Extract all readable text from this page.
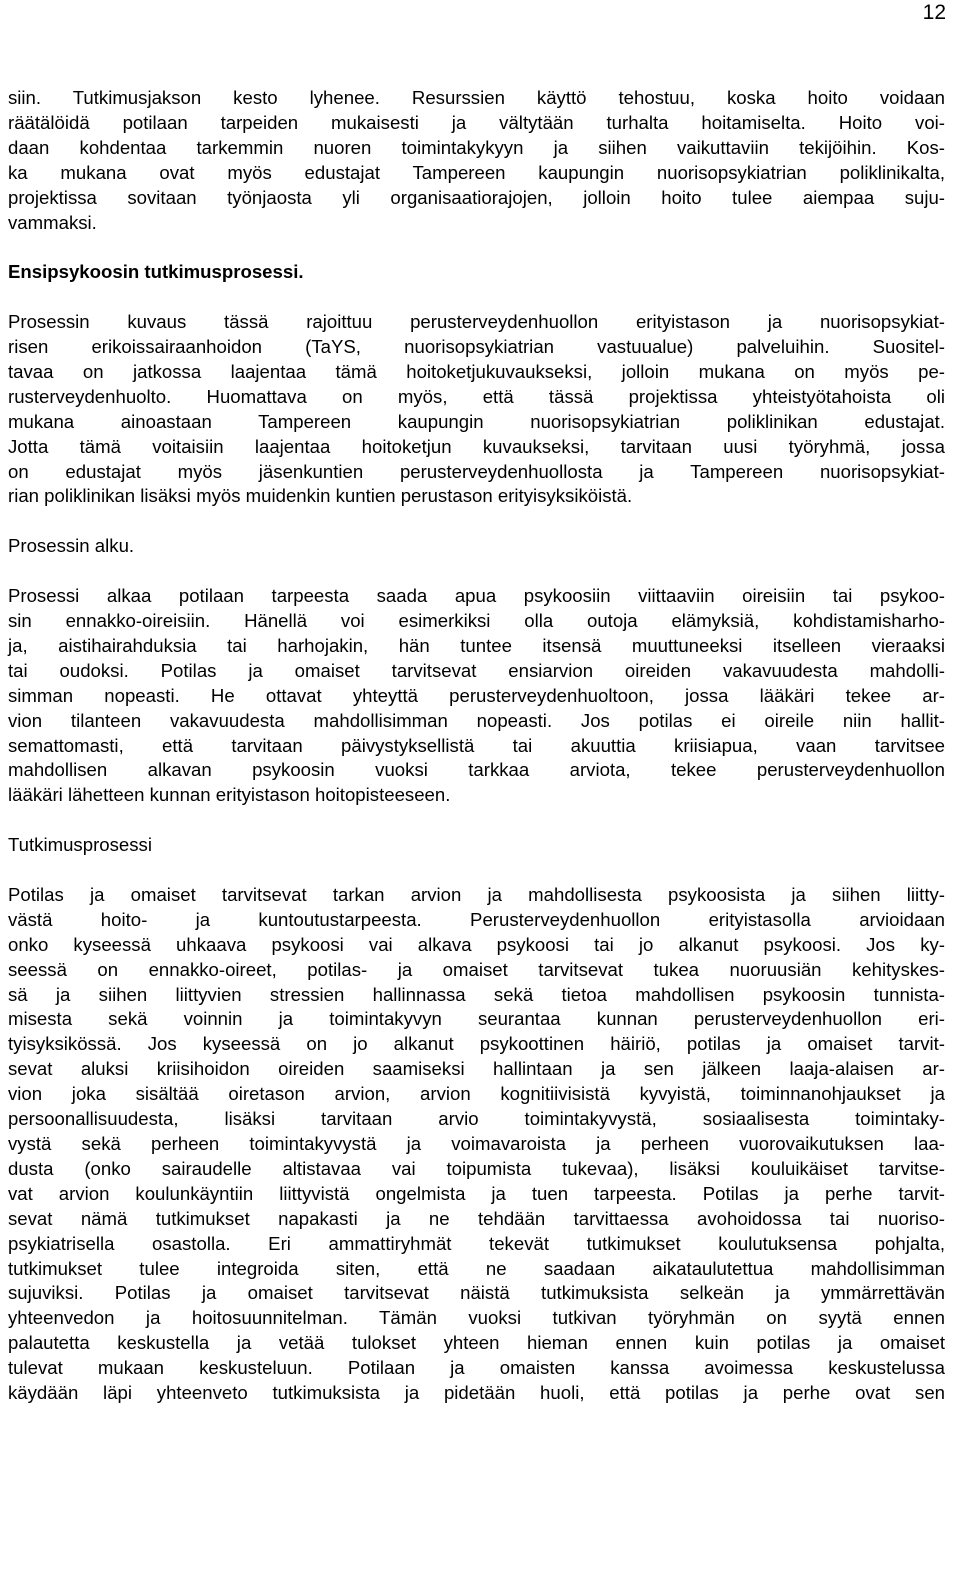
12

siin. Tutkimusjakson kesto lyhenee. Resurssien käyttö tehostuu, koska hoito voidaan
räätälöidä potilaan tarpeiden mukaisesti ja vältytään turhalta hoitamiselta. Hoito voi-
daan kohdentaa tarkemmin nuoren toimintakykyyn ja siihen vaikuttaviin tekijöihin. Kos-
ka mukana ovat myös edustajat Tampereen kaupungin nuorisopsykiatrian poliklinikalta,
projektissa sovitaan työnjaosta yli organisaatiorajojen, jolloin hoito tulee aiempaa suju-
vammaksi.

Ensipsykoosin tutkimusprosessi.

Prosessin kuvaus tässä rajoittuu perusterveydenhuollon erityistason ja nuorisopsykiat-
risen erikoissairaanhoidon (TaYS, nuorisopsykiatrian vastuualue) palveluihin. Suositel-
tavaa on jatkossa laajentaa tämä hoitoketjukuvaukseksi, jolloin mukana on myös pe-
rusterveydenhuolto. Huomattava on myös, että tässä projektissa yhteistyötahoista oli
mukana ainoastaan Tampereen kaupungin nuorisopsykiatrian poliklinikan edustajat.
Jotta tämä voitaisiin laajentaa hoitoketjun kuvaukseksi, tarvitaan uusi työryhmä, jossa
on edustajat myös jäsenkuntien perusterveydenhuollosta ja Tampereen nuorisopsykiat-
rian poliklinikan lisäksi myös muidenkin kuntien perustason erityisyksiköistä.

Prosessin alku.

Prosessi alkaa potilaan tarpeesta saada apua psykoosiin viittaaviin oireisiin tai psykoo-
sin ennakko-oireisiin. Hänellä voi esimerkiksi olla outoja elämyksiä, kohdistamisharho-
ja, aistihairahduksia tai harhojakin, hän tuntee itsensä muuttuneeksi itselleen vieraaksi
tai oudoksi. Potilas ja omaiset tarvitsevat ensiarvion oireiden vakavuudesta mahdolli-
simman nopeasti. He ottavat yhteyttä perusterveydenhuoltoon, jossa lääkäri tekee ar-
vion tilanteen vakavuudesta mahdollisimman nopeasti. Jos potilas ei oireile niin hallit-
semattomasti, että tarvitaan päivystyksellistä tai akuuttia kriisiapua, vaan tarvitsee
mahdollisen alkavan psykoosin vuoksi tarkkaa arviota, tekee perusterveydenhuollon
lääkäri lähetteen kunnan erityistason hoitopisteeseen.

Tutkimusprosessi

Potilas ja omaiset tarvitsevat tarkan arvion ja mahdollisesta psykoosista ja siihen liitty-
västä hoito- ja kuntoutustarpeesta. Perusterveydenhuollon erityistasolla arvioidaan
onko kyseessä uhkaava psykoosi vai alkava psykoosi tai jo alkanut psykoosi. Jos ky-
seessä on ennakko-oireet, potilas- ja omaiset tarvitsevat tukea nuoruusiän kehityskes-
sä ja siihen liittyvien stressien hallinnassa sekä tietoa mahdollisen psykoosin tunnista-
misesta sekä voinnin ja toimintakyvyn seurantaa kunnan perusterveydenhuollon eri-
tyisyksikössä. Jos kyseessä on jo alkanut psykoottinen häiriö, potilas ja omaiset tarvit-
sevat aluksi kriisihoidon oireiden saamiseksi hallintaan ja sen jälkeen laaja-alaisen ar-
vion joka sisältää oiretason arvion, arvion kognitiivisistä kyvyistä, toiminnanohjaukset ja
persoonallisuudesta, lisäksi tarvitaan arvio toimintakyvystä, sosiaalisesta toimintaky-
vystä sekä perheen toimintakyvystä ja voimavaroista ja perheen vuorovaikutuksen laa-
dusta (onko sairaudelle altistavaa vai toipumista tukevaa), lisäksi kouluikäiset tarvitse-
vat arvion koulunkäyntiin liittyvistä ongelmista ja tuen tarpeesta. Potilas ja perhe tarvit-
sevat nämä tutkimukset napakasti ja ne tehdään tarvittaessa avohoidossa tai nuoriso-
psykiatrisella osastolla. Eri ammattiryhmät tekevät tutkimukset koulutuksensa pohjalta,
tutkimukset tulee integroida siten, että ne saadaan aikataulutettua mahdollisimman
sujuviksi. Potilas ja omaiset tarvitsevat näistä tutkimuksista selkeän ja ymmärrettävän
yhteenvedon ja hoitosuunnitelman. Tämän vuoksi tutkivan työryhmän on syytä ennen
palautetta keskustella ja vetää tulokset yhteen hieman ennen kuin potilas ja omaiset
tulevat mukaan keskusteluun. Potilaan ja omaisten kanssa avoimessa keskustelussa
käydään läpi yhteenveto tutkimuksista ja pidetään huoli, että potilas ja perhe ovat sen
